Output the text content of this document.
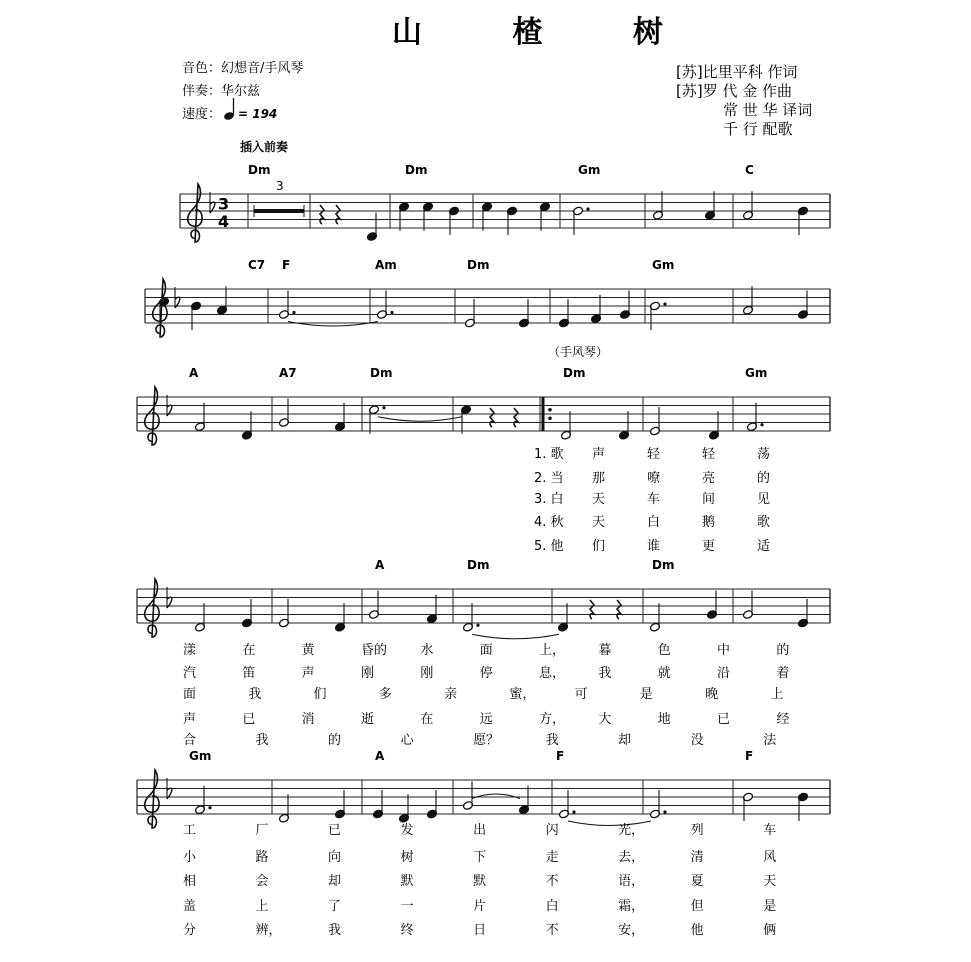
山 楂 树
音色：幻想音/手风琴
伴奏：华尔兹
速度： = 194
[苏]比里平科 作词
[苏]罗 代 金 作曲
常 世 华 译词
千 行 配歌
插入前奏
3
4
3
Dm	Dm	Gm	C
C7 F	Am	Dm	Gm
A	A7	Dm	Dm	Gm
1. 歌 声	轻	轻	荡
2. 当 那	嘹	亮	的
3. 白 天	车	间	见
4. 秋 天	白	鹅	歌
5. 他 们	谁	更	适
A	Dm	Dm
漾	在	黄	昏的	水	面	上，	暮	色	中	的
汽	笛	声	刚	刚	停	息，	我	就	沿	着
面	我	们	多	亲	蜜，	可	是	晚	上
声	已	消	逝	在	远	方，	大	地	已	经
合	我	的	心	愿？	我	却	没	法
Gm	A	F	F
工	厂	已	发	出	闪	光，	列	车
小	路	向	树	下	走	去，	清	风
相	会	却	默	默	不	语，	夏	天
盖	上	了	一	片	白	霜，	但	是
分	辨，	我	终	日	不	安，	他	俩
（手风琴）
